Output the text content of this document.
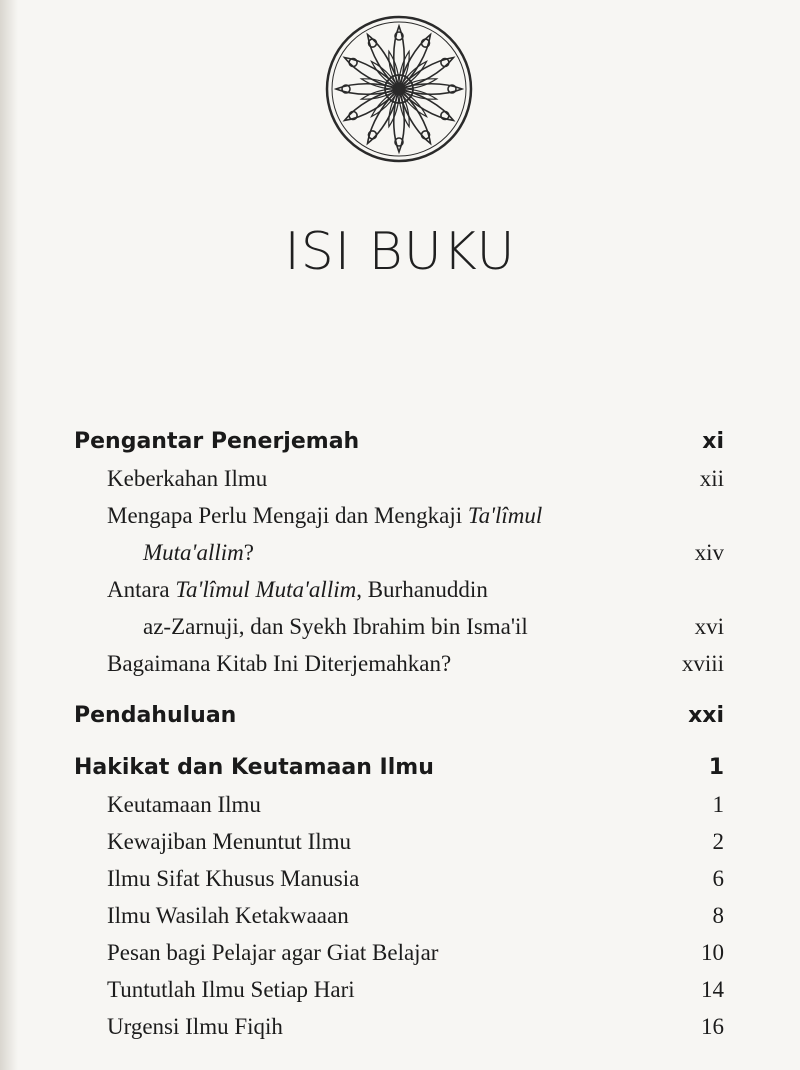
ISI BUKU
Pengantar Penerjemah	xi
Keberkahan Ilmu	xii
Mengapa Perlu Mengaji dan Mengkaji Ta'lîmul
Muta'allim?	xiv
Antara Ta'lîmul Muta'allim, Burhanuddin
az-Zarnuji, dan Syekh Ibrahim bin Isma'il	xvi
Bagaimana Kitab Ini Diterjemahkan?	xviii
Pendahuluan	xxi
Hakikat dan Keutamaan Ilmu	1
Keutamaan Ilmu	1
Kewajiban Menuntut Ilmu	2
Ilmu Sifat Khusus Manusia	6
Ilmu Wasilah Ketakwaaan	8
Pesan bagi Pelajar agar Giat Belajar	10
Tuntutlah Ilmu Setiap Hari	14
Urgensi Ilmu Fiqih	16
